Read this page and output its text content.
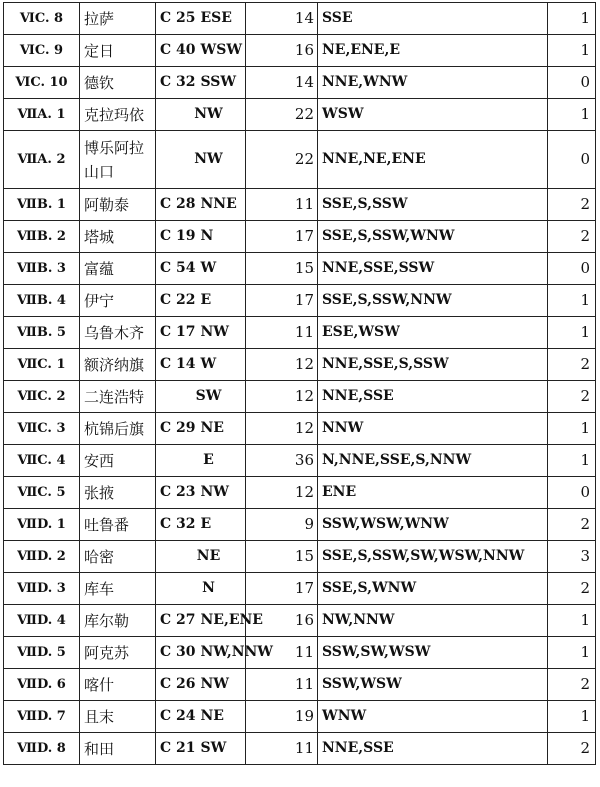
ⅥC. 8	拉萨	C 25 ESE	14	SSE	1
ⅥC. 9	定日	C 40 WSW	16	NE,ENE,E	1
ⅥC. 10	德钦	C 32 SSW	14	NNE,WNW	0
ⅦA. 1	克拉玛依	NW	22	WSW	1
ⅦA. 2	博乐阿拉山口	NW	22	NNE,NE,ENE	0
ⅦB. 1	阿勒泰	C 28 NNE	11	SSE,S,SSW	2
ⅦB. 2	塔城	C 19 N	17	SSE,S,SSW,WNW	2
ⅦB. 3	富蕴	C 54 W	15	NNE,SSE,SSW	0
ⅦB. 4	伊宁	C 22 E	17	SSE,S,SSW,NNW	1
ⅦB. 5	乌鲁木齐	C 17 NW	11	ESE,WSW	1
ⅦC. 1	额济纳旗	C 14 W	12	NNE,SSE,S,SSW	2
ⅦC. 2	二连浩特	SW	12	NNE,SSE	2
ⅦC. 3	杭锦后旗	C 29 NE	12	NNW	1
ⅦC. 4	安西	E	36	N,NNE,SSE,S,NNW	1
ⅦC. 5	张掖	C 23 NW	12	ENE	0
ⅦD. 1	吐鲁番	C 32 E	9	SSW,WSW,WNW	2
ⅦD. 2	哈密	NE	15	SSE,S,SSW,SW,WSW,NNW	3
ⅦD. 3	库车	N	17	SSE,S,WNW	2
ⅦD. 4	库尔勒	C 27 NE,ENE	16	NW,NNW	1
ⅦD. 5	阿克苏	C 30 NW,NNW	11	SSW,SW,WSW	1
ⅦD. 6	喀什	C 26 NW	11	SSW,WSW	2
ⅦD. 7	且末	C 24 NE	19	WNW	1
ⅦD. 8	和田	C 21 SW	11	NNE,SSE	2
